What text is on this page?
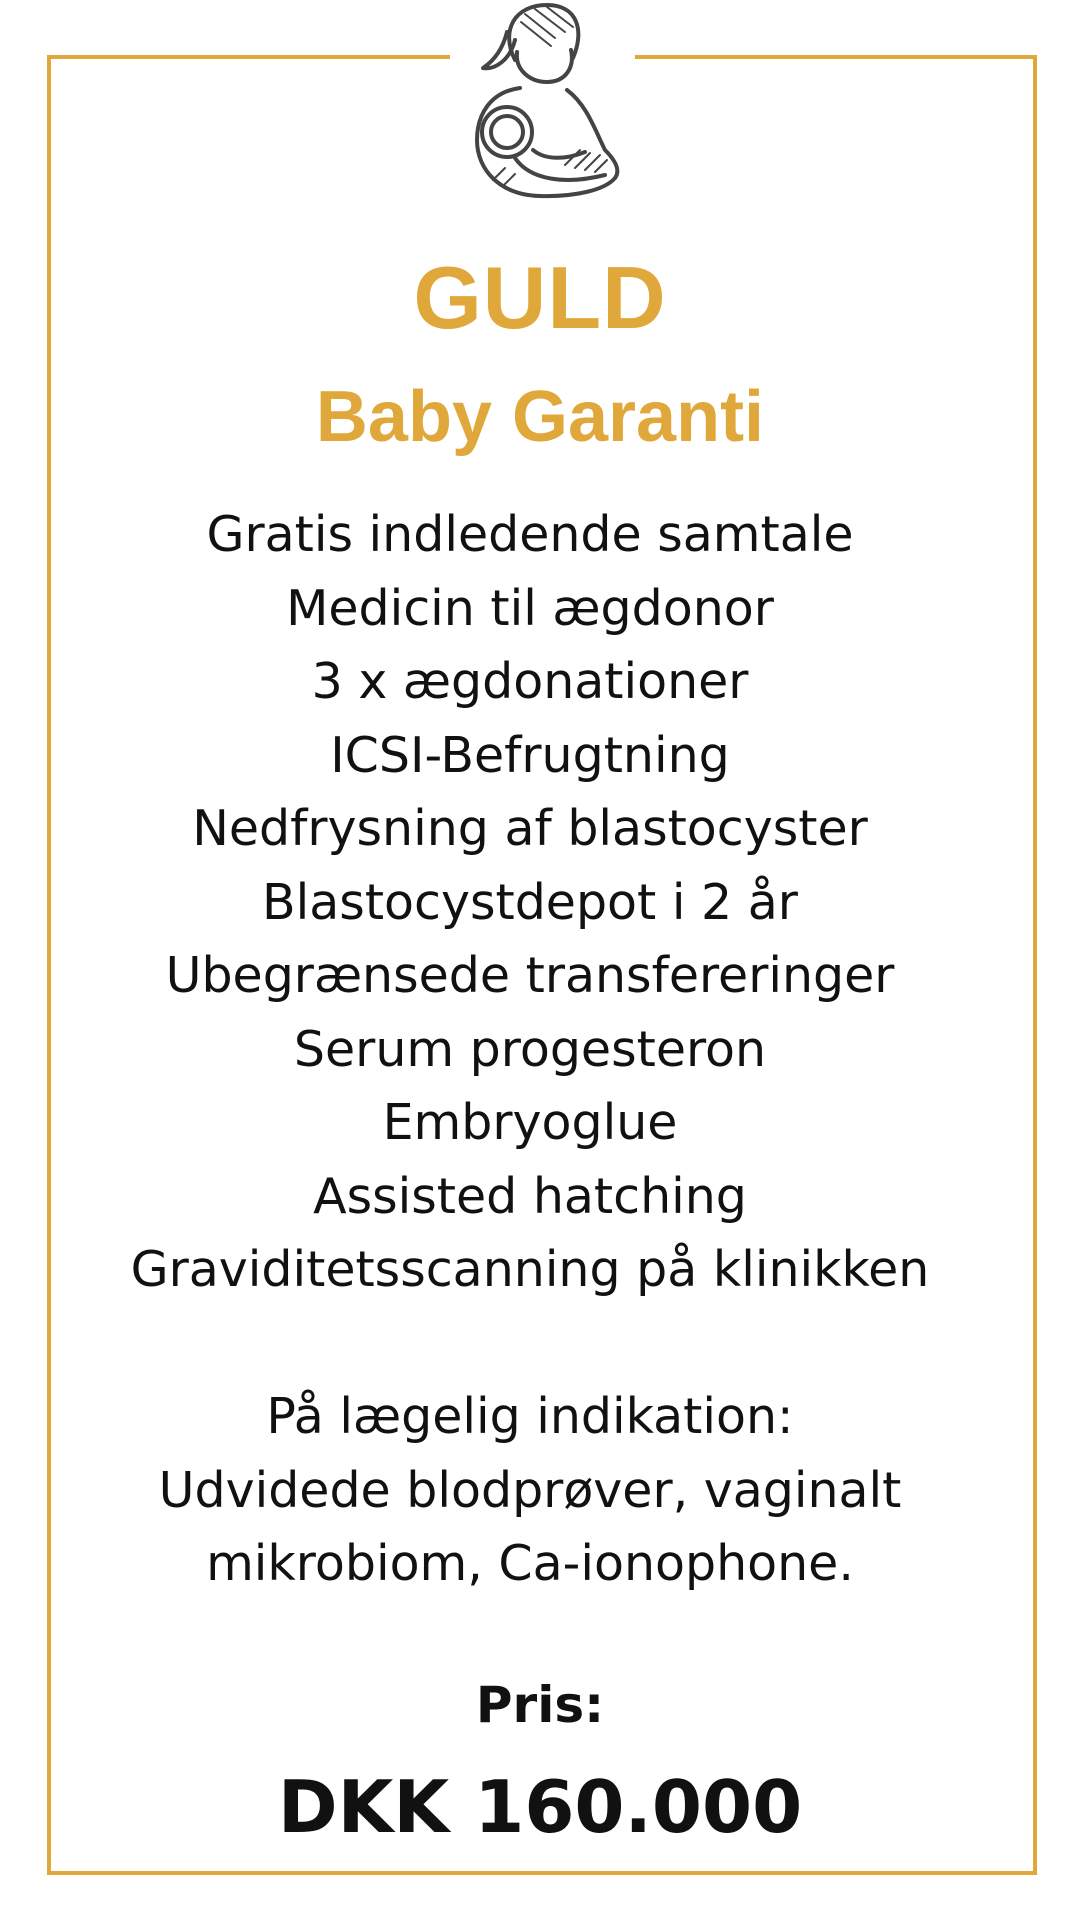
GULD
Baby Garanti
Gratis indledende samtale
Medicin til ægdonor
3 x ægdonationer
ICSI-Befrugtning
Nedfrysning af blastocyster
Blastocystdepot i 2 år
Ubegrænsede transfereringer
Serum progesteron
Embryoglue
Assisted hatching
Graviditetsscanning på klinikken
På lægelig indikation:
Udvidede blodprøver, vaginalt
mikrobiom, Ca-ionophone.
Pris:
DKK 160.000
